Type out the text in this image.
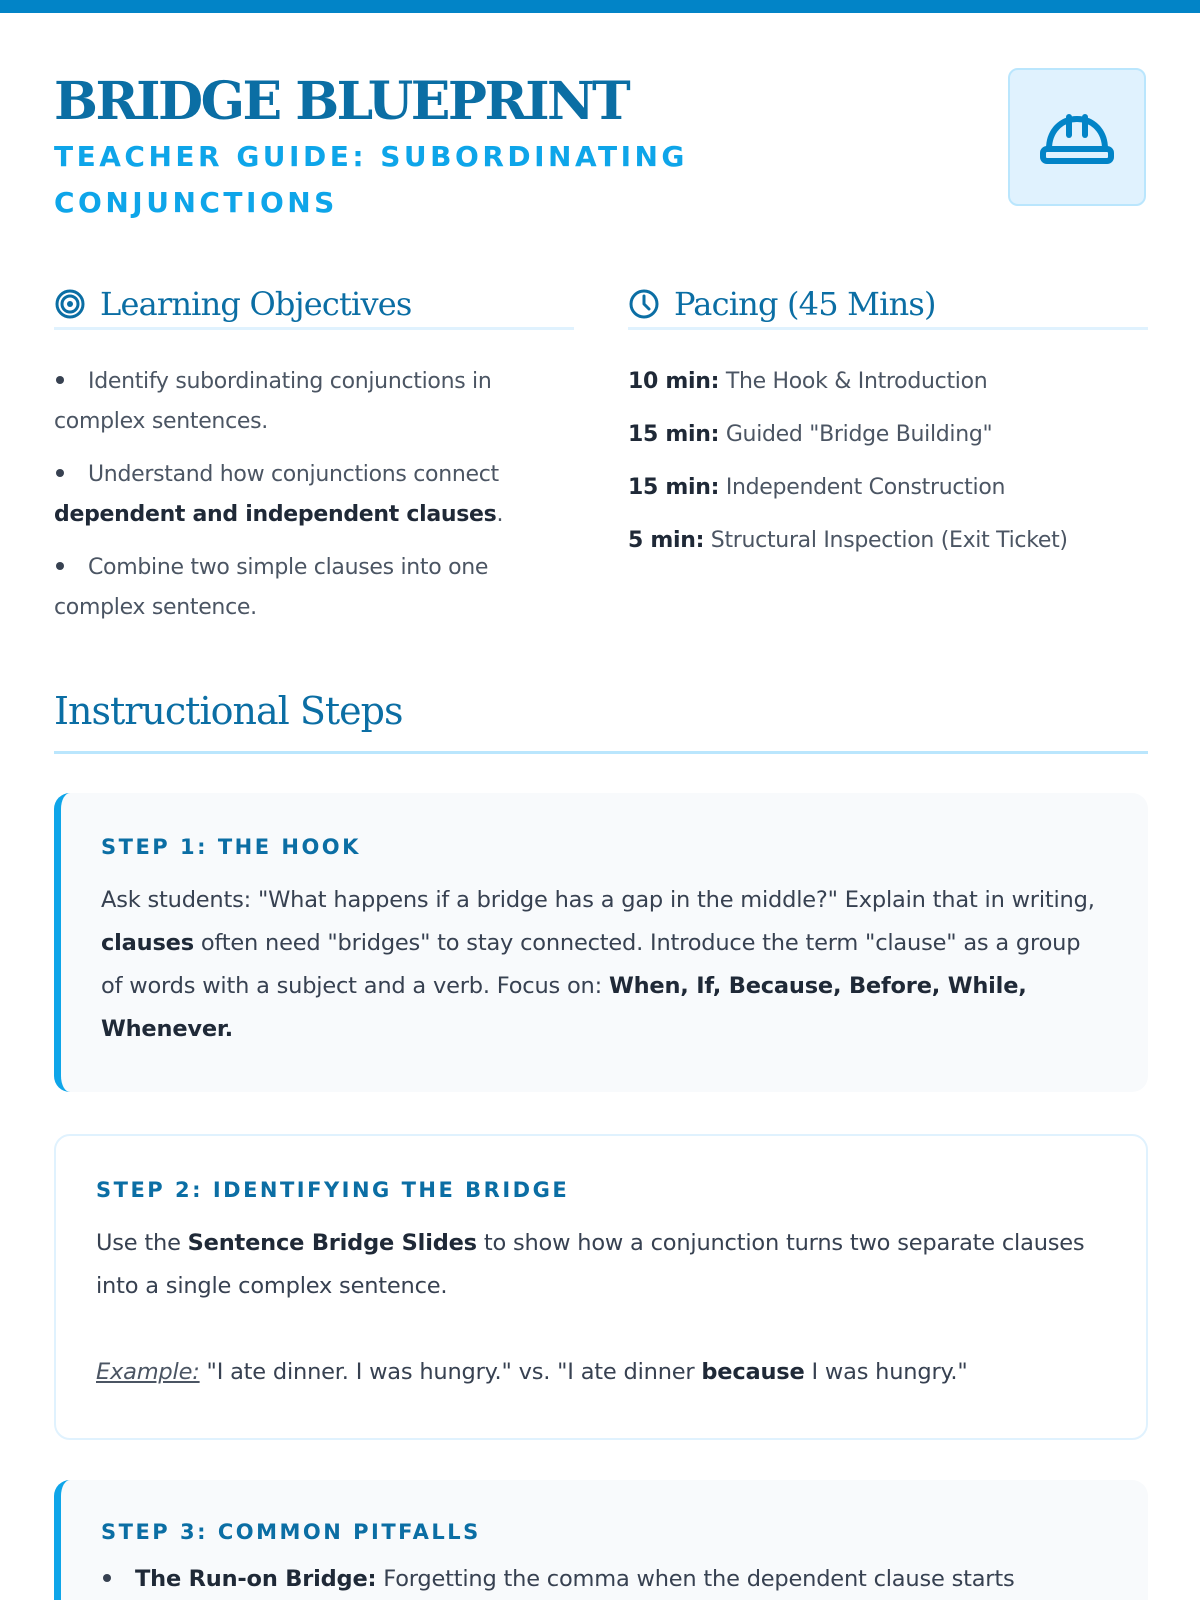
BRIDGE BLUEPRINT
TEACHER GUIDE: SUBORDINATING
CONJUNCTIONS
Learning Objectives	Pacing (45 Mins)
Identify subordinating conjunctions in complex sentences.
Understand how conjunctions connect dependent and independent clauses.
Combine two simple clauses into one complex sentence.
10 min: The Hook & Introduction
15 min: Guided "Bridge Building"
15 min: Independent Construction
5 min: Structural Inspection (Exit Ticket)
Instructional Steps
STEP 1: THE HOOK
Ask students: "What happens if a bridge has a gap in the middle?" Explain that in writing, clauses often need "bridges" to stay connected. Introduce the term "clause" as a group of words with a subject and a verb. Focus on: When, If, Because, Before, While, Whenever.
STEP 2: IDENTIFYING THE BRIDGE
Use the Sentence Bridge Slides to show how a conjunction turns two separate clauses into a single complex sentence.

Example: "I ate dinner. I was hungry." vs. "I ate dinner because I was hungry."
STEP 3: COMMON PITFALLS
The Run-on Bridge: Forgetting the comma when the dependent clause starts
